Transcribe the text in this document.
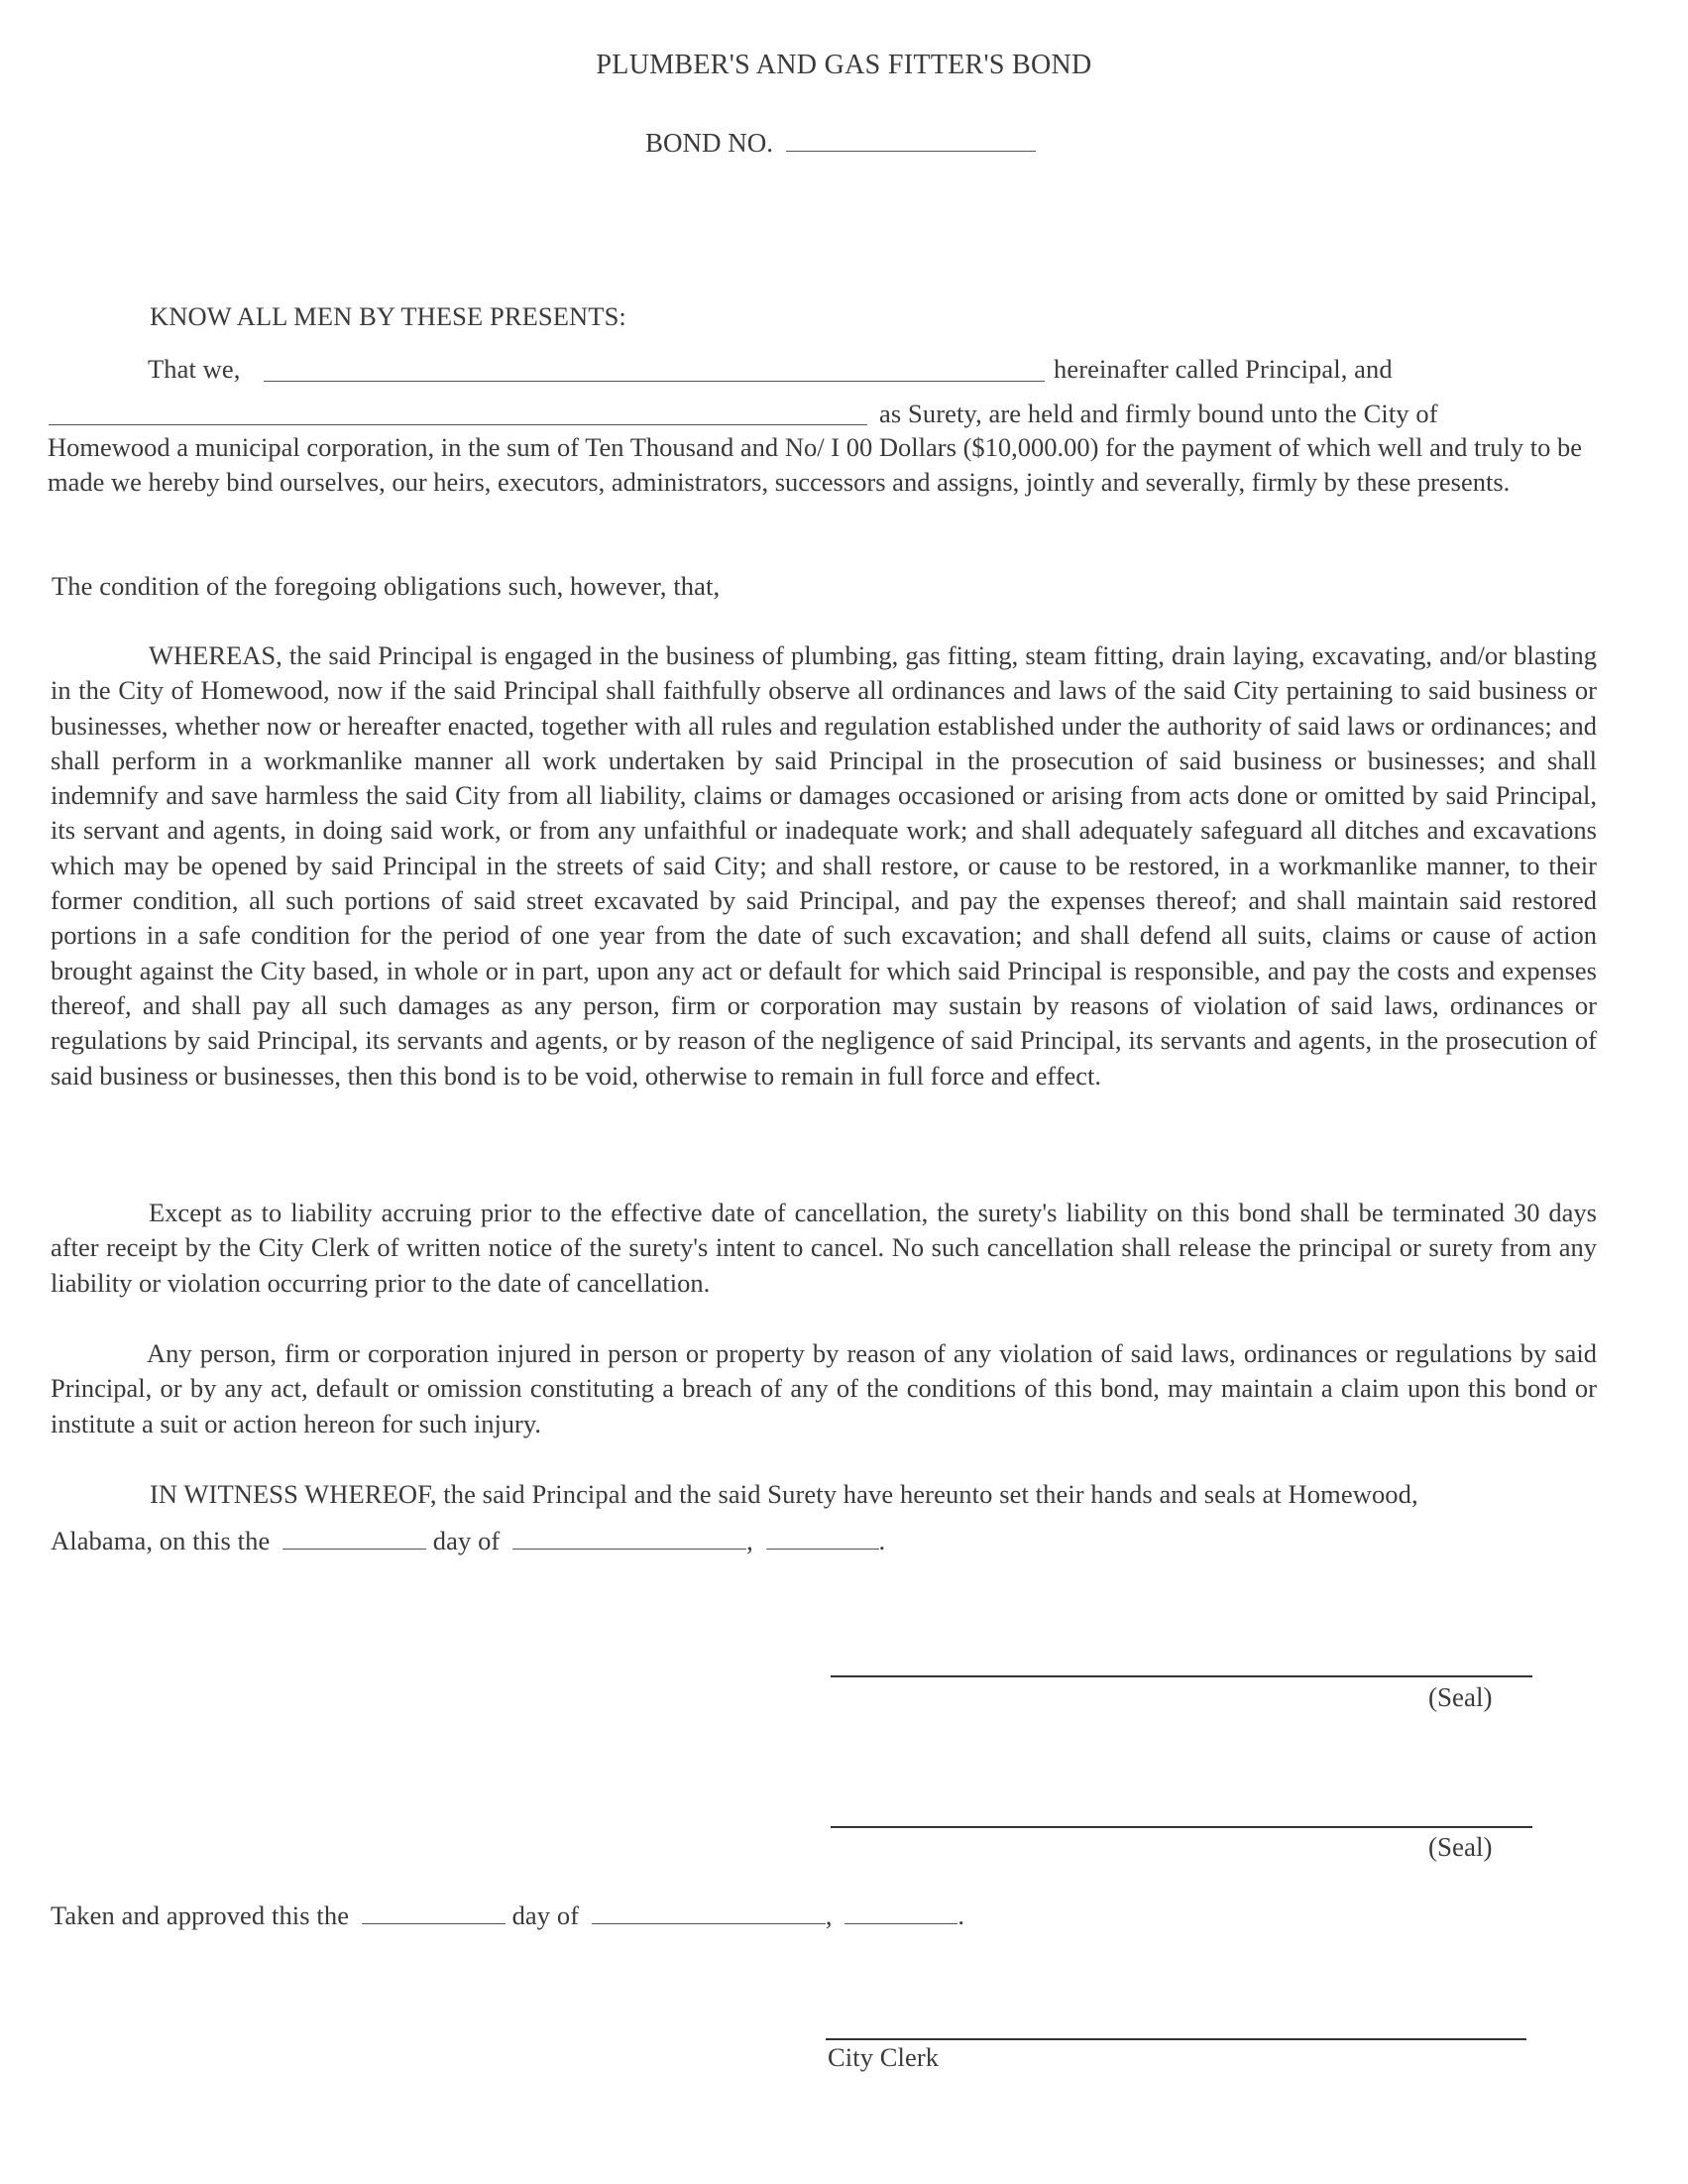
PLUMBER'S AND GAS FITTER'S BOND
BOND NO.
KNOW ALL MEN BY THESE PRESENTS:
That we,	hereinafter called Principal, and
as Surety, are held and firmly bound unto the City of
Homewood a municipal corporation, in the sum of Ten Thousand and No/ I 00 Dollars ($10,000.00) for the payment of which well and truly to be made we hereby bind ourselves, our heirs, executors, administrators, successors and assigns, jointly and severally, firmly by these presents.
The condition of the foregoing obligations such, however, that,
WHEREAS, the said Principal is engaged in the business of plumbing, gas fitting, steam fitting, drain laying, excavating, and/or blasting in the City of Homewood, now if the said Principal shall faithfully observe all ordinances and laws of the said City pertaining to said business or businesses, whether now or hereafter enacted, together with all rules and regulation established under the authority of said laws or ordinances; and shall perform in a workmanlike manner all work undertaken by said Principal in the prosecution of said business or businesses; and shall indemnify and save harmless the said City from all liability, claims or damages occasioned or arising from acts done or omitted by said Principal, its servant and agents, in doing said work, or from any unfaithful or inadequate work; and shall adequately safeguard all ditches and excavations which may be opened by said Principal in the streets of said City; and shall restore, or cause to be restored, in a workmanlike manner, to their former condition, all such portions of said street excavated by said Principal, and pay the expenses thereof; and shall maintain said restored portions in a safe condition for the period of one year from the date of such excavation; and shall defend all suits, claims or cause of action brought against the City based, in whole or in part, upon any act or default for which said Principal is responsible, and pay the costs and expenses thereof, and shall pay all such damages as any person, firm or corporation may sustain by reasons of violation of said laws, ordinances or regulations by said Principal, its servants and agents, or by reason of the negligence of said Principal, its servants and agents, in the prosecution of said business or businesses, then this bond is to be void, otherwise to remain in full force and effect.
Except as to liability accruing prior to the effective date of cancellation, the surety's liability on this bond shall be terminated 30 days after receipt by the City Clerk of written notice of the surety's intent to cancel. No such cancellation shall release the principal or surety from any liability or violation occurring prior to the date of cancellation.
Any person, firm or corporation injured in person or property by reason of any violation of said laws, ordinances or regulations by said Principal, or by any act, default or omission constituting a breach of any of the conditions of this bond, may maintain a claim upon this bond or institute a suit or action hereon for such injury.
IN WITNESS WHEREOF, the said Principal and the said Surety have hereunto set their hands and seals at Homewood,
Alabama, on this the	day of	,	.
(Seal)
(Seal)
Taken and approved this the	day of	,	.
City Clerk
